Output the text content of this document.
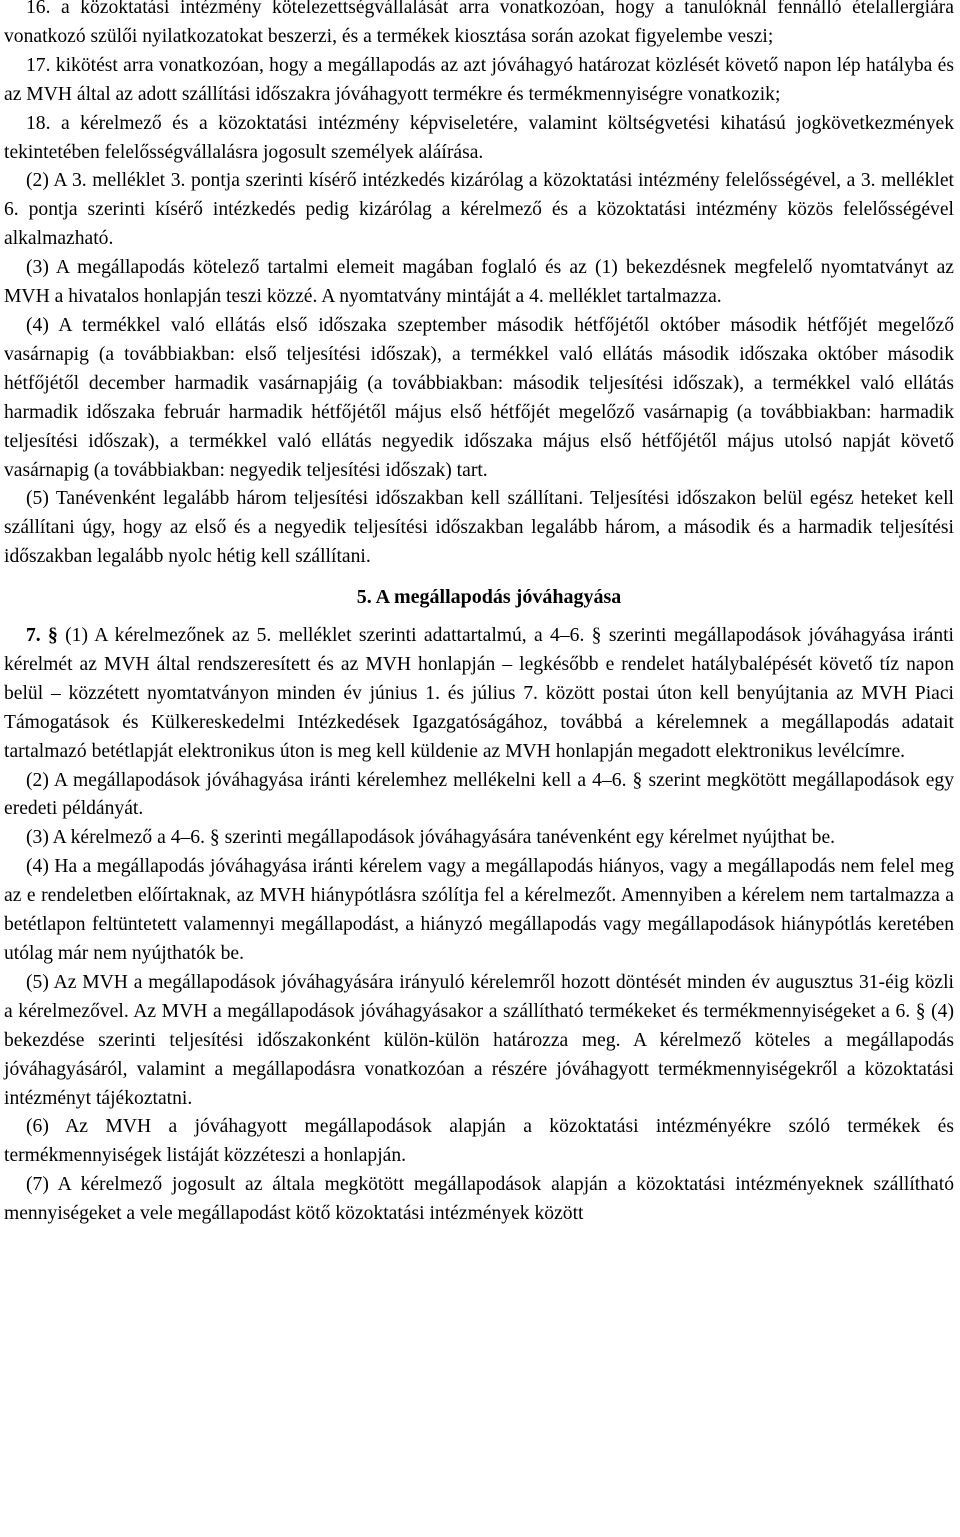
16. a közoktatási intézmény kötelezettségvállalását arra vonatkozóan, hogy a tanulóknál fennálló ételallergiára vonatkozó szülői nyilatkozatokat beszerzi, és a termékek kiosztása során azokat figyelembe veszi;

17. kikötést arra vonatkozóan, hogy a megállapodás az azt jóváhagyó határozat közlését követő napon lép hatályba és az MVH által az adott szállítási időszakra jóváhagyott termékre és termékmennyiségre vonatkozik;

18. a kérelmező és a közoktatási intézmény képviseletére, valamint költségvetési kihatású jogkövetkezmények tekintetében felelősségvállalásra jogosult személyek aláírása.

(2) A 3. melléklet 3. pontja szerinti kísérő intézkedés kizárólag a közoktatási intézmény felelősségével, a 3. melléklet 6. pontja szerinti kísérő intézkedés pedig kizárólag a kérelmező és a közoktatási intézmény közös felelősségével alkalmazható.

(3) A megállapodás kötelező tartalmi elemeit magában foglaló és az (1) bekezdésnek megfelelő nyomtatványt az MVH a hivatalos honlapján teszi közzé. A nyomtatvány mintáját a 4. melléklet tartalmazza.

(4) A termékkel való ellátás első időszaka szeptember második hétfőjétől október második hétfőjét megelőző vasárnapig (a továbbiakban: első teljesítési időszak), a termékkel való ellátás második időszaka október második hétfőjétől december harmadik vasárnapjáig (a továbbiakban: második teljesítési időszak), a termékkel való ellátás harmadik időszaka február harmadik hétfőjétől május első hétfőjét megelőző vasárnapig (a továbbiakban: harmadik teljesítési időszak), a termékkel való ellátás negyedik időszaka május első hétfőjétől május utolsó napját követő vasárnapig (a továbbiakban: negyedik teljesítési időszak) tart.

(5) Tanévenként legalább három teljesítési időszakban kell szállítani. Teljesítési időszakon belül egész heteket kell szállítani úgy, hogy az első és a negyedik teljesítési időszakban legalább három, a második és a harmadik teljesítési időszakban legalább nyolc hétig kell szállítani.

5. A megállapodás jóváhagyása

7. § (1) A kérelmezőnek az 5. melléklet szerinti adattartalmú, a 4–6. § szerinti megállapodások jóváhagyása iránti kérelmét az MVH által rendszeresített és az MVH honlapján – legkésőbb e rendelet hatálybalépését követő tíz napon belül – közzétett nyomtatványon minden év június 1. és július 7. között postai úton kell benyújtania az MVH Piaci Támogatások és Külkereskedelmi Intézkedések Igazgatóságához, továbbá a kérelemnek a megállapodás adatait tartalmazó betétlapját elektronikus úton is meg kell küldenie az MVH honlapján megadott elektronikus levélcímre.

(2) A megállapodások jóváhagyása iránti kérelemhez mellékelni kell a 4–6. § szerint megkötött megállapodások egy eredeti példányát.

(3) A kérelmező a 4–6. § szerinti megállapodások jóváhagyására tanévenként egy kérelmet nyújthat be.

(4) Ha a megállapodás jóváhagyása iránti kérelem vagy a megállapodás hiányos, vagy a megállapodás nem felel meg az e rendeletben előírtaknak, az MVH hiánypótlásra szólítja fel a kérelmezőt. Amennyiben a kérelem nem tartalmazza a betétlapon feltüntetett valamennyi megállapodást, a hiányzó megállapodás vagy megállapodások hiánypótlás keretében utólag már nem nyújthatók be.

(5) Az MVH a megállapodások jóváhagyására irányuló kérelemről hozott döntését minden év augusztus 31-éig közli a kérelmezővel. Az MVH a megállapodások jóváhagyásakor a szállítható termékeket és termékmennyiségeket a 6. § (4) bekezdése szerinti teljesítési időszakonként külön-külön határozza meg. A kérelmező köteles a megállapodás jóváhagyásáról, valamint a megállapodásra vonatkozóan a részére jóváhagyott termékmennyiségekről a közoktatási intézményt tájékoztatni.

(6) Az MVH a jóváhagyott megállapodások alapján a közoktatási intézményékre szóló termékek és termékmennyiségek listáját közzéteszi a honlapján.

(7) A kérelmező jogosult az általa megkötött megállapodások alapján a közoktatási intézményeknek szállítható mennyiségeket a vele megállapodást kötő közoktatási intézmények között
